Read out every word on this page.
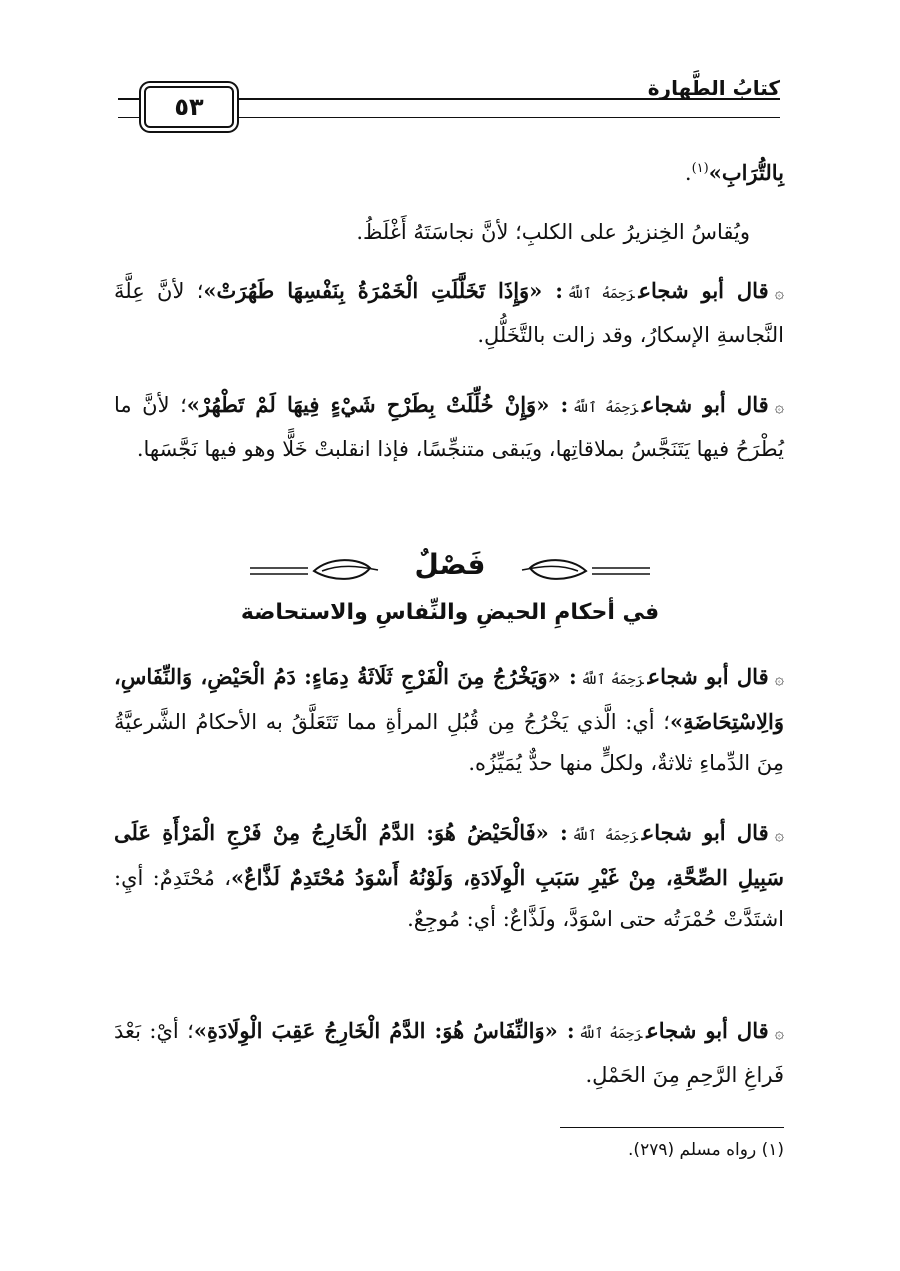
كتابُ الطَّهارة
٥٣
بِالتُّرَابِ»$^{(١)}$.
ويُقاسُ الخِنزيرُ على الكلبِ؛ لأنَّ نجاسَتَهُ أَغْلَظُ.
۞قال أبو شجاعرَحِمَهُ ٱللَّهُ: «وَإِذَا تَخَلَّلَتِ الْخَمْرَةُ بِنَفْسِهَا طَهُرَتْ»؛ لأنَّ عِلَّةَ النَّجاسةِ الإسكارُ، وقد زالت بالتَّخَلُّلِ.
۞قال أبو شجاعرَحِمَهُ ٱللَّهُ: «وَإِنْ خُلِّلَتْ بِطَرْحِ شَيْءٍ فِيهَا لَمْ تَطْهُرْ»؛ لأنَّ ما يُطْرَحُ فيها يَتَنَجَّسُ بملاقاتِها، ويَبقى متنجِّسًا، فإذا انقلبتْ خَلًّا وهو فيها نَجَّسَها.
فَصْلٌ
في أحكامِ الحيضِ والنِّفاسِ والاستحاضة
۞قال أبو شجاعرَحِمَهُ ٱللَّهُ: «وَيَخْرُجُ مِنَ الْفَرْجِ ثَلَاثَةُ دِمَاءٍ: دَمُ الْحَيْضِ، وَالنِّفَاسِ، وَالِاسْتِحَاضَةِ»؛ أي: الَّذي يَخْرُجُ مِن قُبُلِ المرأةِ مما تَتَعَلَّقُ به الأحكامُ الشَّرعيَّةُ مِنَ الدِّماءِ ثلاثةٌ، ولكلٍّ منها حدٌّ يُمَيِّزُه.
۞قال أبو شجاعرَحِمَهُ ٱللَّهُ: «فَالْحَيْضُ هُوَ: الدَّمُ الْخَارِجُ مِنْ فَرْجِ الْمَرْأَةِ عَلَى سَبِيلِ الصِّحَّةِ، مِنْ غَيْرِ سَبَبِ الْوِلَادَةِ، وَلَوْنُهُ أَسْوَدُ مُحْتَدِمٌ لَذَّاعٌ»، مُحْتَدِمٌ: أيِ: اشتَدَّتْ حُمْرَتُه حتى اسْوَدَّ، ولَذَّاعٌ: أي: مُوجِعٌ.
۞قال أبو شجاعرَحِمَهُ ٱللَّهُ: «وَالنِّفَاسُ هُوَ: الدَّمُ الْخَارِجُ عَقِبَ الْوِلَادَةِ»؛ أيْ: بَعْدَ فَراغِ الرَّحِمِ مِنَ الحَمْلِ.
(١) رواه مسلم (٢٧٩).
